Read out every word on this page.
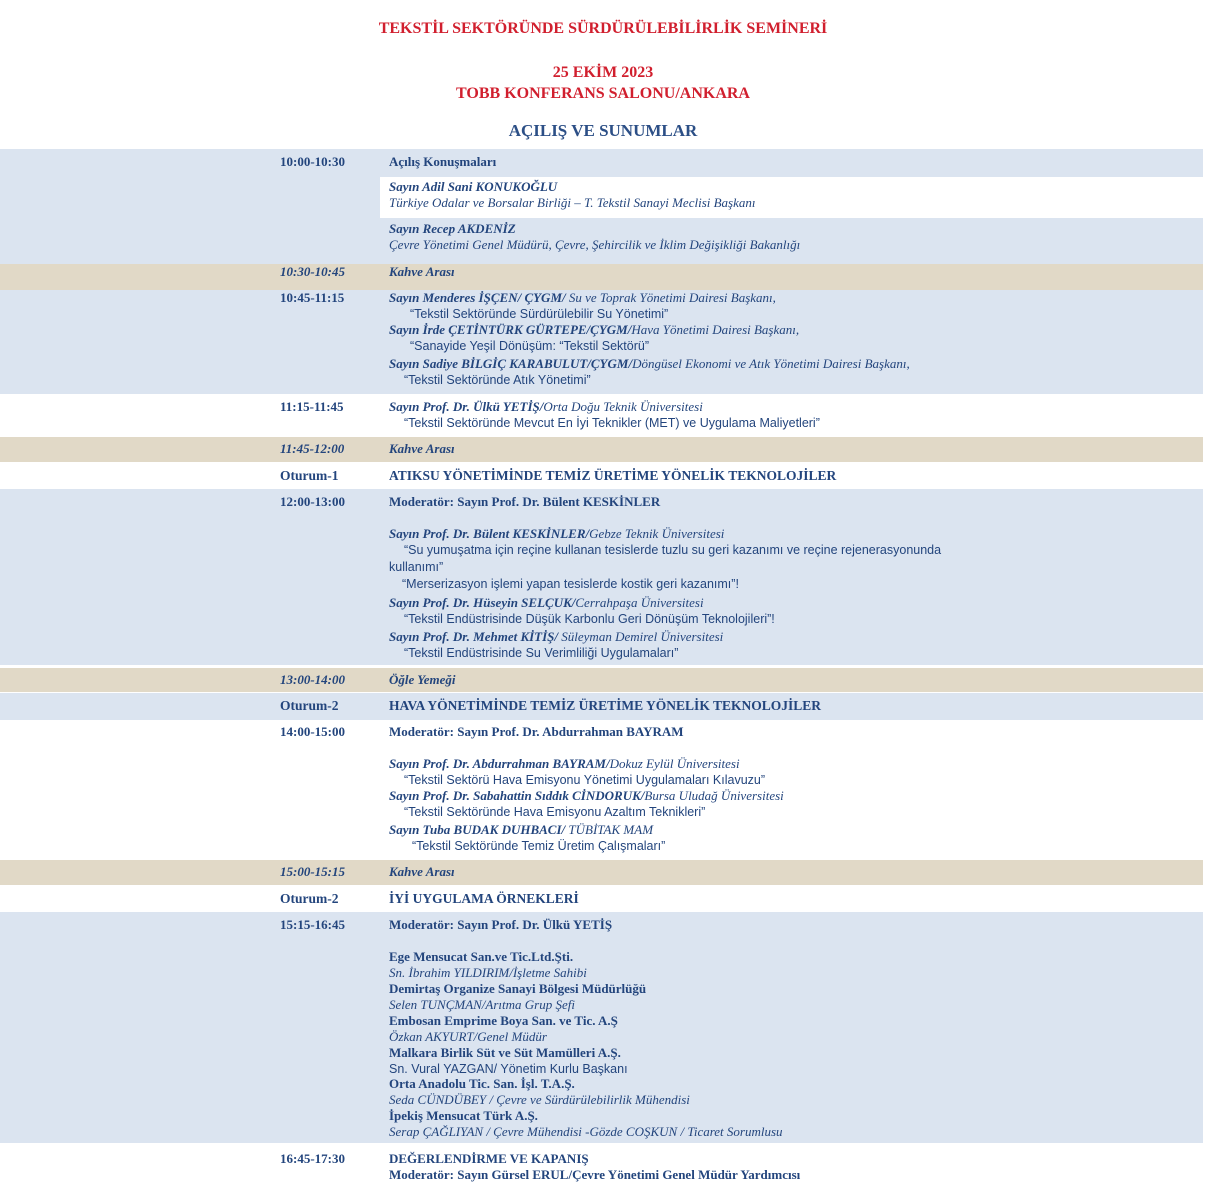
TEKSTİL SEKTÖRÜNDE SÜRDÜRÜLEBİLİRLİK SEMİNERİ
25 EKİM 2023
TOBB KONFERANS SALONU/ANKARA
AÇILIŞ VE SUNUMLAR
10:00-10:30	Açılış Konuşmaları
Sayın Adil Sani KONUKOĞLU
Türkiye Odalar ve Borsalar Birliği – T. Tekstil Sanayi Meclisi Başkanı
Sayın Recep AKDENİZ
Çevre Yönetimi Genel Müdürü, Çevre, Şehircilik ve İklim Değişikliği Bakanlığı
10:30-10:45	Kahve Arası
10:45-11:15	Sayın Menderes İŞÇEN/ ÇYGM/ Su ve Toprak Yönetimi Dairesi Başkanı,
“Tekstil Sektöründe Sürdürülebilir Su Yönetimi”
Sayın İrde ÇETİNTÜRK GÜRTEPE/ÇYGM/Hava Yönetimi Dairesi Başkanı,
“Sanayide Yeşil Dönüşüm: “Tekstil Sektörü”
Sayın Sadiye BİLGİÇ KARABULUT/ÇYGM/Döngüsel Ekonomi ve Atık Yönetimi Dairesi Başkanı,
“Tekstil Sektöründe Atık Yönetimi”
11:15-11:45	Sayın Prof. Dr. Ülkü YETİŞ/Orta Doğu Teknik Üniversitesi
“Tekstil Sektöründe Mevcut En İyi Teknikler (MET) ve Uygulama Maliyetleri”
11:45-12:00	Kahve Arası
Oturum-1	ATIKSU YÖNETİMİNDE TEMİZ ÜRETİME YÖNELİK TEKNOLOJİLER
12:00-13:00	Moderatör: Sayın Prof. Dr. Bülent KESKİNLER
Sayın Prof. Dr. Bülent KESKİNLER/Gebze Teknik Üniversitesi
“Su yumuşatma için reçine kullanan tesislerde tuzlu su geri kazanımı ve reçine rejenerasyonunda
kullanımı”
“Merserizasyon işlemi yapan tesislerde kostik geri kazanımı”!
Sayın Prof. Dr. Hüseyin SELÇUK/Cerrahpaşa Üniversitesi
“Tekstil Endüstrisinde Düşük Karbonlu Geri Dönüşüm Teknolojileri”!
Sayın Prof. Dr. Mehmet KİTİŞ/ Süleyman Demirel Üniversitesi
“Tekstil Endüstrisinde Su Verimliliği Uygulamaları”
13:00-14:00	Öğle Yemeği
Oturum-2	HAVA YÖNETİMİNDE TEMİZ ÜRETİME YÖNELİK TEKNOLOJİLER
14:00-15:00	Moderatör: Sayın Prof. Dr. Abdurrahman BAYRAM
Sayın Prof. Dr. Abdurrahman BAYRAM/Dokuz Eylül Üniversitesi
“Tekstil Sektörü Hava Emisyonu Yönetimi Uygulamaları Kılavuzu”
Sayın Prof. Dr. Sabahattin Sıddık CİNDORUK/Bursa Uludağ Üniversitesi
“Tekstil Sektöründe Hava Emisyonu Azaltım Teknikleri”
Sayın Tuba BUDAK DUHBACI/ TÜBİTAK MAM
“Tekstil Sektöründe Temiz Üretim Çalışmaları”
15:00-15:15	Kahve Arası
Oturum-2	İYİ UYGULAMA ÖRNEKLERİ
15:15-16:45	Moderatör: Sayın Prof. Dr. Ülkü YETİŞ
Ege Mensucat San.ve Tic.Ltd.Şti.
Sn. İbrahim YILDIRIM/İşletme Sahibi
Demirtaş Organize Sanayi Bölgesi Müdürlüğü
Selen TUNÇMAN/Arıtma Grup Şefi
Embosan Emprime Boya San. ve Tic. A.Ş
Özkan AKYURT/Genel Müdür
Malkara Birlik Süt ve Süt Mamülleri A.Ş.
Sn. Vural YAZGAN/ Yönetim Kurlu Başkanı
Orta Anadolu Tic. San. İşl. T.A.Ş.
Seda CÜNDÜBEY / Çevre ve Sürdürülebilirlik Mühendisi
İpekiş Mensucat Türk A.Ş.
Serap ÇAĞLIYAN / Çevre Mühendisi -Gözde COŞKUN / Ticaret Sorumlusu
16:45-17:30	DEĞERLENDİRME VE KAPANIŞ
Moderatör: Sayın Gürsel ERUL/Çevre Yönetimi Genel Müdür Yardımcısı
